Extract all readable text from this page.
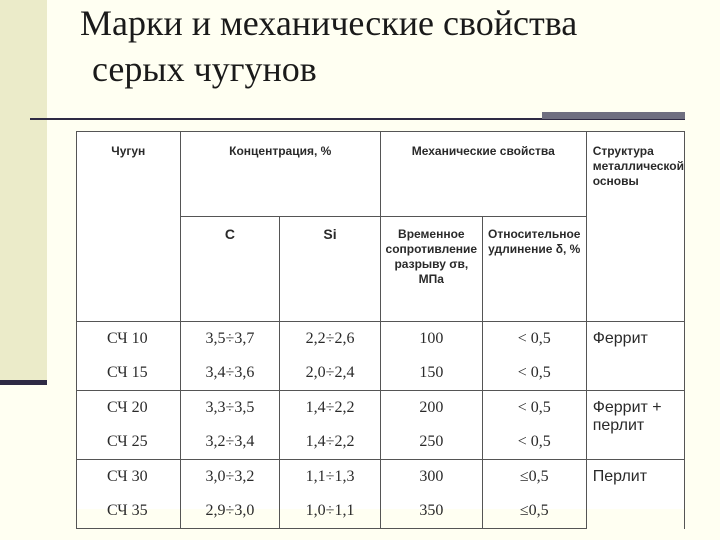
Марки и механические свойства
серых чугунов
Чугун	Концентрация, %		Механические свойства		Структура металлической основы
	C	Si	Временное сопротивление разрыву σв, МПа	Относительное удлинение δ, %	
СЧ 10	3,5÷3,7	2,2÷2,6	100	< 0,5	Феррит
СЧ 15	3,4÷3,6	2,0÷2,4	150	< 0,5	
СЧ 20	3,3÷3,5	1,4÷2,2	200	< 0,5	Феррит + перлит
СЧ 25	3,2÷3,4	1,4÷2,2	250	< 0,5	
СЧ 30	3,0÷3,2	1,1÷1,3	300	≤0,5	Перлит
СЧ 35	2,9÷3,0	1,0÷1,1	350	≤0,5	
